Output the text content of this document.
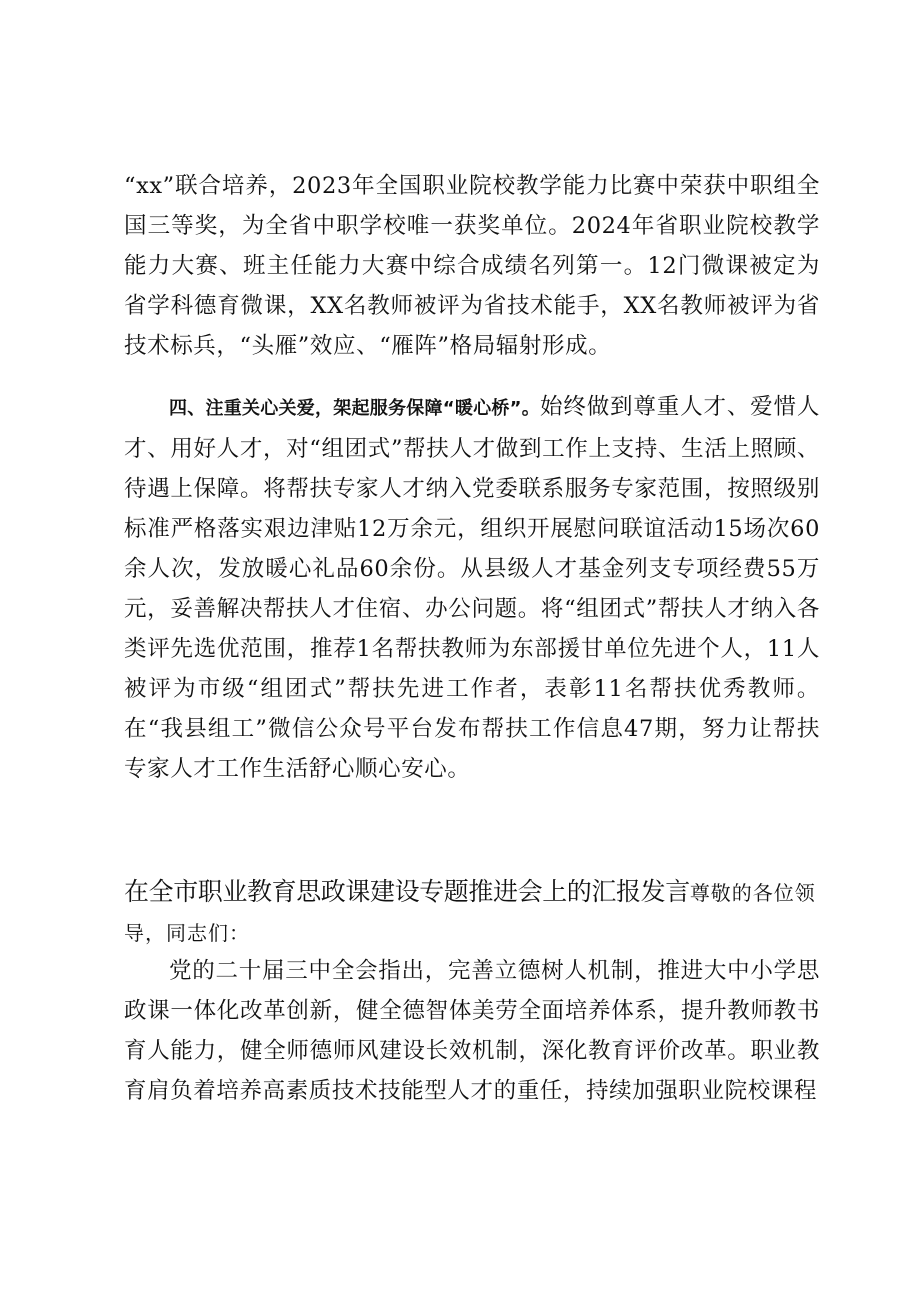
“xx”联合培养，2023年全国职业院校教学能力比赛中荣获中职组全国三等奖，为全省中职学校唯一获奖单位。2024年省职业院校教学能力大赛、班主任能力大赛中综合成绩名列第一。12门微课被定为省学科德育微课，XX名教师被评为省技术能手，XX名教师被评为省技术标兵，“头雁”效应、“雁阵”格局辐射形成。

四、注重关心关爱，架起服务保障“暖心桥”。始终做到尊重人才、爱惜人才、用好人才，对“组团式”帮扶人才做到工作上支持、生活上照顾、待遇上保障。将帮扶专家人才纳入党委联系服务专家范围，按照级别标准严格落实艰边津贴12万余元，组织开展慰问联谊活动15场次60余人次，发放暖心礼品60余份。从县级人才基金列支专项经费55万元，妥善解决帮扶人才住宿、办公问题。将“组团式”帮扶人才纳入各类评先选优范围，推荐1名帮扶教师为东部援甘单位先进个人，11人被评为市级“组团式”帮扶先进工作者，表彰11名帮扶优秀教师。在“我县组工”微信公众号平台发布帮扶工作信息47期，努力让帮扶专家人才工作生活舒心顺心安心。

在全市职业教育思政课建设专题推进会上的汇报发言尊敬的各位领导，同志们：

党的二十届三中全会指出，完善立德树人机制，推进大中小学思政课一体化改革创新，健全德智体美劳全面培养体系，提升教师教书育人能力，健全师德师风建设长效机制，深化教育评价改革。职业教育肩负着培养高素质技术技能型人才的重任，持续加强职业院校课程
